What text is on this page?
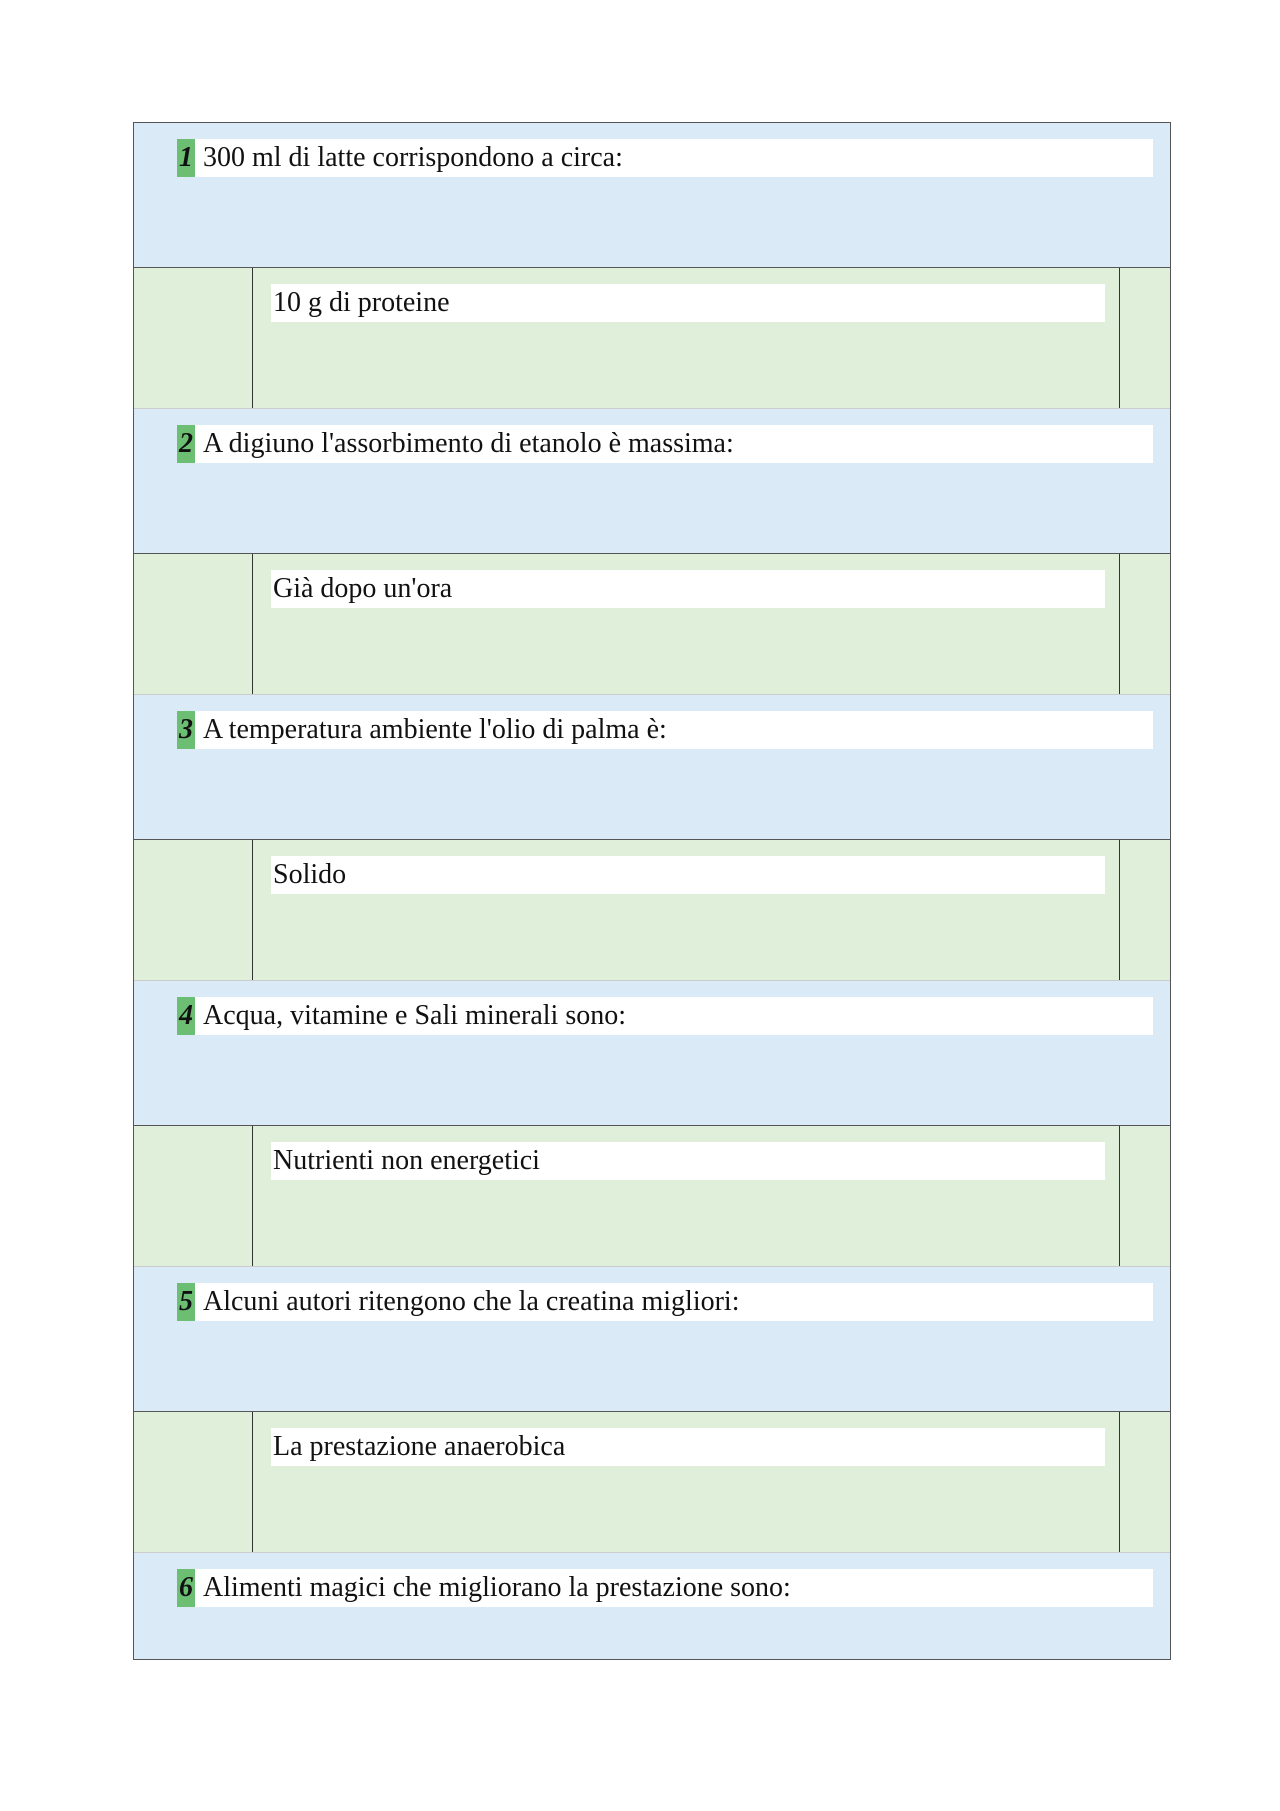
1 300 ml di latte corrispondono a circa:
10 g di proteine
2 A digiuno l'assorbimento di etanolo è massima:
Già dopo un'ora
3 A temperatura ambiente l'olio di palma è:
Solido
4 Acqua, vitamine e Sali minerali sono:
Nutrienti non energetici
5 Alcuni autori ritengono che la creatina migliori:
La prestazione anaerobica
6 Alimenti magici che migliorano la prestazione sono:
